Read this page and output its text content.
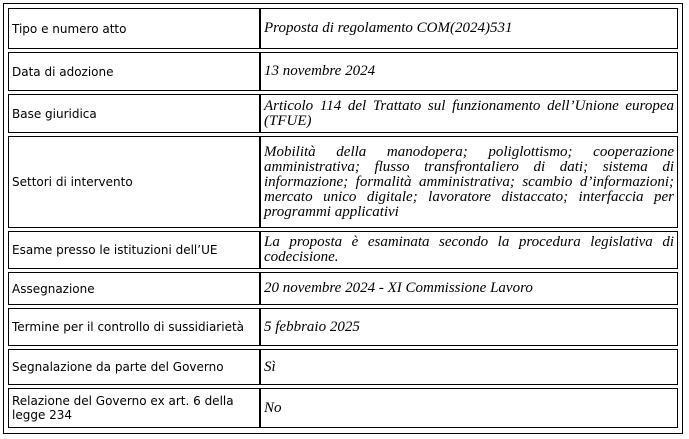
Tipo e numero atto	Proposta di regolamento COM(2024)531
Data di adozione	13 novembre 2024
Base giuridica	Articolo 114 del Trattato sul funzionamento dell’Unione europea (TFUE)
Settori di intervento	Mobilità della manodopera; poliglottismo; cooperazione amministrativa; flusso transfrontaliero di dati; sistema di informazione; formalità amministrativa; scambio d’informazioni; mercato unico digitale; lavoratore distaccato; interfaccia per programmi applicativi
Esame presso le istituzioni dell’UE	La proposta è esaminata secondo la procedura legislativa di codecisione.
Assegnazione	20 novembre 2024 - XI Commissione Lavoro
Termine per il controllo di sussidiarietà	5 febbraio 2025
Segnalazione da parte del Governo	Sì
Relazione del Governo ex art. 6 della legge 234	No
